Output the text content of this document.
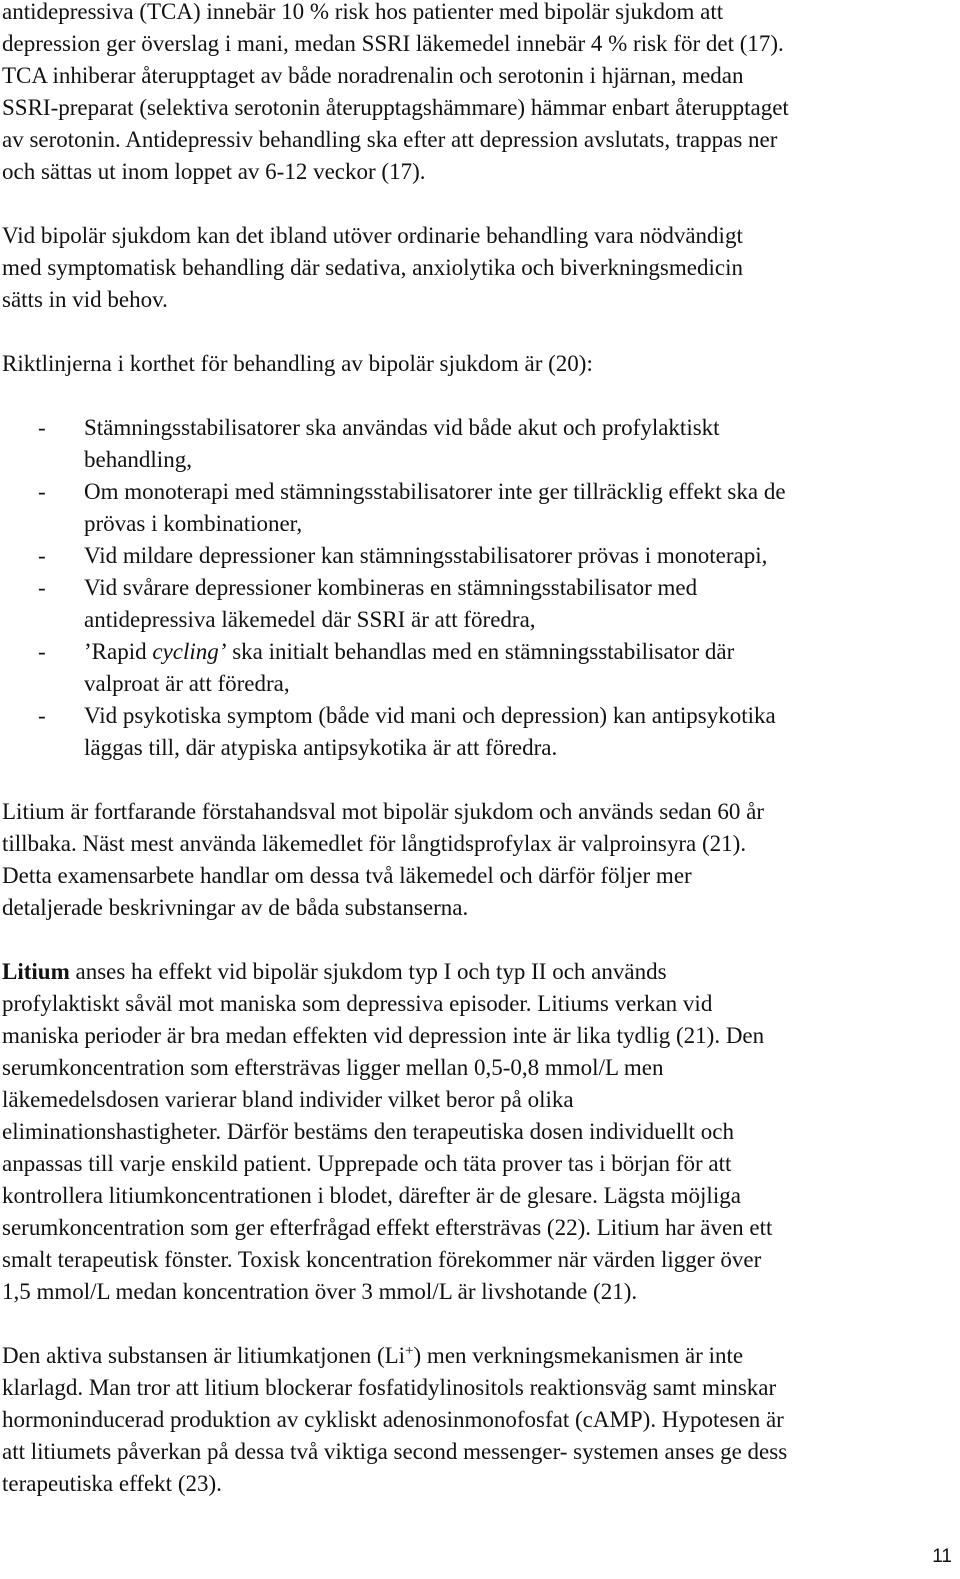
antidepressiva (TCA) innebär 10 % risk hos patienter med bipolär sjukdom att
depression ger överslag i mani, medan SSRI läkemedel innebär 4 % risk för det (17).
TCA inhiberar återupptaget av både noradrenalin och serotonin i hjärnan, medan
SSRI-preparat (selektiva serotonin återupptagshämmare) hämmar enbart återupptaget
av serotonin. Antidepressiv behandling ska efter att depression avslutats, trappas ner
och sättas ut inom loppet av 6-12 veckor (17).

Vid bipolär sjukdom kan det ibland utöver ordinarie behandling vara nödvändigt
med symptomatisk behandling där sedativa, anxiolytika och biverkningsmedicin
sätts in vid behov.

Riktlinjerna i korthet för behandling av bipolär sjukdom är (20):

- Stämningsstabilisatorer ska användas vid både akut och profylaktiskt
behandling,
- Om monoterapi med stämningsstabilisatorer inte ger tillräcklig effekt ska de
prövas i kombinationer,
- Vid mildare depressioner kan stämningsstabilisatorer prövas i monoterapi,
- Vid svårare depressioner kombineras en stämningsstabilisator med
antidepressiva läkemedel där SSRI är att föredra,
- ’Rapid cycling’ ska initialt behandlas med en stämningsstabilisator där
valproat är att föredra,
- Vid psykotiska symptom (både vid mani och depression) kan antipsykotika
läggas till, där atypiska antipsykotika är att föredra.

Litium är fortfarande förstahandsval mot bipolär sjukdom och används sedan 60 år
tillbaka. Näst mest använda läkemedlet för långtidsprofylax är valproinsyra (21).
Detta examensarbete handlar om dessa två läkemedel och därför följer mer
detaljerade beskrivningar av de båda substanserna.

Litium anses ha effekt vid bipolär sjukdom typ I och typ II och används
profylaktiskt såväl mot maniska som depressiva episoder. Litiums verkan vid
maniska perioder är bra medan effekten vid depression inte är lika tydlig (21). Den
serumkoncentration som eftersträvas ligger mellan 0,5-0,8 mmol/L men
läkemedelsdosen varierar bland individer vilket beror på olika
eliminationshastigheter. Därför bestäms den terapeutiska dosen individuellt och
anpassas till varje enskild patient. Upprepade och täta prover tas i början för att
kontrollera litiumkoncentrationen i blodet, därefter är de glesare. Lägsta möjliga
serumkoncentration som ger efterfrågad effekt eftersträvas (22). Litium har även ett
smalt terapeutisk fönster. Toxisk koncentration förekommer när värden ligger över
1,5 mmol/L medan koncentration över 3 mmol/L är livshotande (21).

Den aktiva substansen är litiumkatjonen (Li+) men verkningsmekanismen är inte
klarlagd. Man tror att litium blockerar fosfatidylinositols reaktionsväg samt minskar
hormoninducerad produktion av cykliskt adenosinmonofosfat (cAMP). Hypotesen är
att litiumets påverkan på dessa två viktiga second messenger- systemen anses ge dess
terapeutiska effekt (23).

11
